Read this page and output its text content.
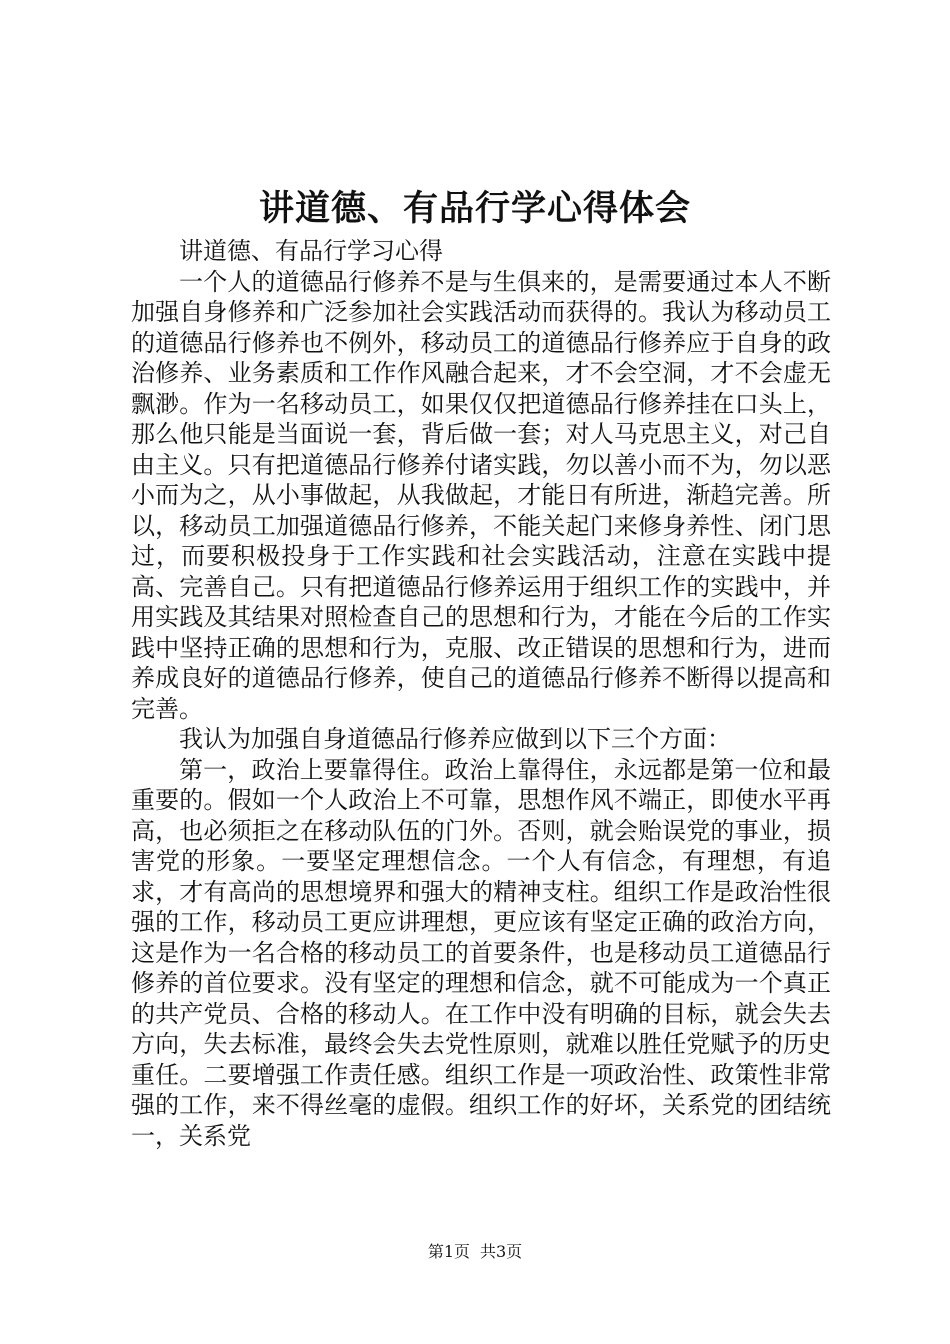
讲道德、有品行学心得体会

讲道德、有品行学习心得

一个人的道德品行修养不是与生俱来的，是需要通过本人不断加强自身修养和广泛参加社会实践活动而获得的。我认为移动员工的道德品行修养也不例外，移动员工的道德品行修养应于自身的政治修养、业务素质和工作作风融合起来，才不会空洞，才不会虚无飘渺。作为一名移动员工，如果仅仅把道德品行修养挂在口头上，那么他只能是当面说一套，背后做一套；对人马克思主义，对己自由主义。只有把道德品行修养付诸实践，勿以善小而不为，勿以恶小而为之，从小事做起，从我做起，才能日有所进，渐趋完善。所以，移动员工加强道德品行修养，不能关起门来修身养性、闭门思过，而要积极投身于工作实践和社会实践活动，注意在实践中提高、完善自己。只有把道德品行修养运用于组织工作的实践中，并用实践及其结果对照检查自己的思想和行为，才能在今后的工作实践中坚持正确的思想和行为，克服、改正错误的思想和行为，进而养成良好的道德品行修养，使自己的道德品行修养不断得以提高和完善。

我认为加强自身道德品行修养应做到以下三个方面：

第一，政治上要靠得住。政治上靠得住，永远都是第一位和最重要的。假如一个人政治上不可靠，思想作风不端正，即使水平再高，也必须拒之在移动队伍的门外。否则，就会贻误党的事业，损害党的形象。一要坚定理想信念。一个人有信念，有理想，有追求，才有高尚的思想境界和强大的精神支柱。组织工作是政治性很强的工作，移动员工更应讲理想，更应该有坚定正确的政治方向，这是作为一名合格的移动员工的首要条件，也是移动员工道德品行修养的首位要求。没有坚定的理想和信念，就不可能成为一个真正的共产党员、合格的移动人。在工作中没有明确的目标，就会失去方向，失去标准，最终会失去党性原则，就难以胜任党赋予的历史重任。二要增强工作责任感。组织工作是一项政治性、政策性非常强的工作，来不得丝毫的虚假。组织工作的好坏，关系党的团结统一，关系党

第1页 共3页
